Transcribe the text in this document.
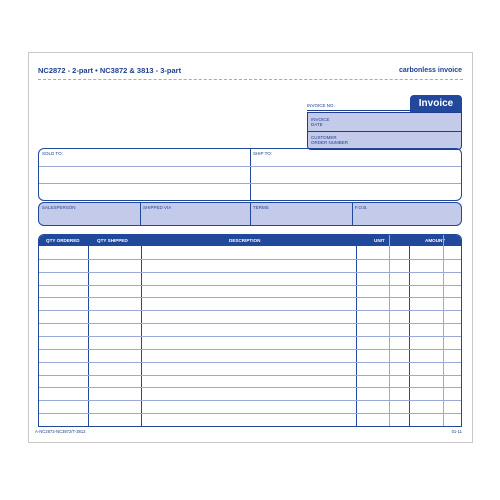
NC2872 - 2-part • NC3872 & 3813 - 3-part	carbonless invoice
INVOICE NO.	Invoice
INVOICE
DATE
CUSTOMER
ORDER NUMBER
SOLD TO:	SHIP TO:
SALESPERSON	SHIPPED VIA	TERMS	F.O.B.
QTY ORDERED	QTY SHIPPED	DESCRIPTION	UNIT	AMOUNT
A-NC2872-NC3872/T-3813	01-11
